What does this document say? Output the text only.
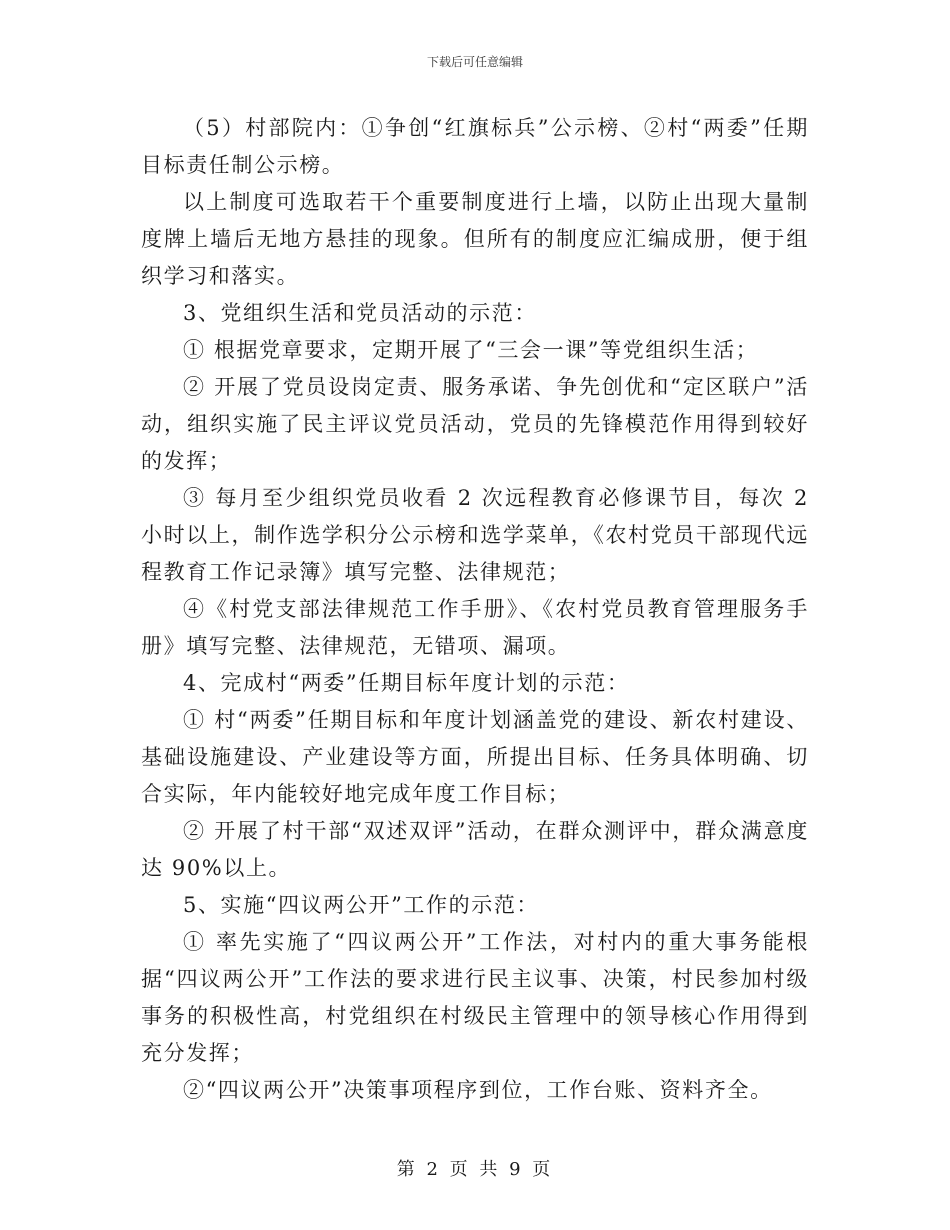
下载后可任意编辑

（5）村部院内：①争创“红旗标兵”公示榜、②村“两委”任期目标责任制公示榜。

以上制度可选取若干个重要制度进行上墙，以防止出现大量制度牌上墙后无地方悬挂的现象。但所有的制度应汇编成册，便于组织学习和落实。

3、党组织生活和党员活动的示范：

① 根据党章要求，定期开展了“三会一课”等党组织生活；

② 开展了党员设岗定责、服务承诺、争先创优和“定区联户”活动，组织实施了民主评议党员活动，党员的先锋模范作用得到较好的发挥；

③ 每月至少组织党员收看 2 次远程教育必修课节目，每次 2 小时以上，制作选学积分公示榜和选学菜单，《农村党员干部现代远程教育工作记录簿》填写完整、法律规范；

④《村党支部法律规范工作手册》、《农村党员教育管理服务手册》填写完整、法律规范，无错项、漏项。

4、完成村“两委”任期目标年度计划的示范：

① 村“两委”任期目标和年度计划涵盖党的建设、新农村建设、基础设施建设、产业建设等方面，所提出目标、任务具体明确、切合实际，年内能较好地完成年度工作目标；

② 开展了村干部“双述双评”活动，在群众测评中，群众满意度达 90%以上。

5、实施“四议两公开”工作的示范：

① 率先实施了“四议两公开”工作法，对村内的重大事务能根据“四议两公开”工作法的要求进行民主议事、决策，村民参加村级事务的积极性高，村党组织在村级民主管理中的领导核心作用得到充分发挥；

②“四议两公开”决策事项程序到位，工作台账、资料齐全。

第 2 页 共 9 页
